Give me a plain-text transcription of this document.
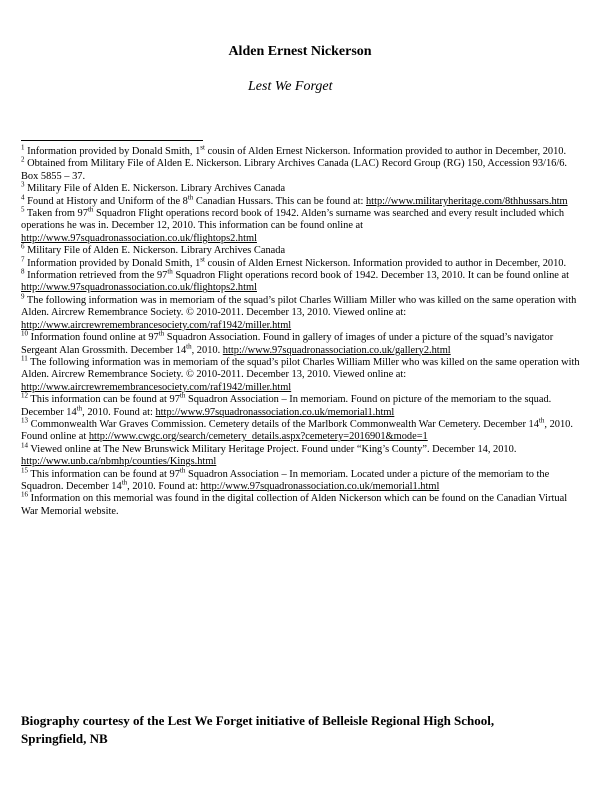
Alden Ernest Nickerson
Lest We Forget
$^1$ Information provided by Donald Smith, 1st cousin of Alden Ernest Nickerson. Information provided to author in December, 2010.
$^2$ Obtained from Military File of Alden E. Nickerson. Library Archives Canada (LAC) Record Group (RG) 150, Accession 93/16/6. Box 5855 – 37.
$^3$ Military File of Alden E. Nickerson. Library Archives Canada
$^4$ Found at History and Uniform of the 8th Canadian Hussars. This can be found at: http://www.militaryheritage.com/8thhussars.htm
$^5$ Taken from 97th Squadron Flight operations record book of 1942. Alden’s surname was searched and every result included which operations he was in. December 12, 2010. This information can be found online at http://www.97squadronassociation.co.uk/flightops2.html
$^6$ Military File of Alden E. Nickerson. Library Archives Canada
$^7$ Information provided by Donald Smith, 1st cousin of Alden Ernest Nickerson. Information provided to author in December, 2010.
$^8$ Information retrieved from the 97th Squadron Flight operations record book of 1942. December 13, 2010. It can be found online at http://www.97squadronassociation.co.uk/flightops2.html
$^9$ The following information was in memoriam of the squad’s pilot Charles William Miller who was killed on the same operation with Alden. Aircrew Remembrance Society. © 2010-2011. December 13, 2010. Viewed online at: http://www.aircrewremembrancesociety.com/raf1942/miller.html
$^{10}$ Information found online at 97th Squadron Association. Found in gallery of images of under a picture of the squad’s navigator Sergeant Alan Grossmith. December 14th, 2010. http://www.97squadronassociation.co.uk/gallery2.html
$^{11}$ The following information was in memoriam of the squad’s pilot Charles William Miller who was killed on the same operation with Alden. Aircrew Remembrance Society. © 2010-2011. December 13, 2010. Viewed online at: http://www.aircrewremembrancesociety.com/raf1942/miller.html
$^{12}$ This information can be found at 97th Squadron Association – In memoriam. Found on picture of the memoriam to the squad. December 14th, 2010. Found at: http://www.97squadronassociation.co.uk/memorial1.html
$^{13}$ Commonwealth War Graves Commission. Cemetery details of the Marlbork Commonwealth War Cemetery. December 14th, 2010. Found online at http://www.cwgc.org/search/cemetery_details.aspx?cemetery=2016901&mode=1
$^{14}$ Viewed online at The New Brunswick Military Heritage Project. Found under “King’s County”. December 14, 2010. http://www.unb.ca/nbmhp/counties/Kings.html
$^{15}$ This information can be found at 97th Squadron Association – In memoriam. Located under a picture of the memoriam to the Squadron. December 14th, 2010. Found at: http://www.97squadronassociation.co.uk/memorial1.html
$^{16}$ Information on this memorial was found in the digital collection of Alden Nickerson which can be found on the Canadian Virtual War Memorial website.
Biography courtesy of the Lest We Forget initiative of Belleisle Regional High School, Springfield, NB
